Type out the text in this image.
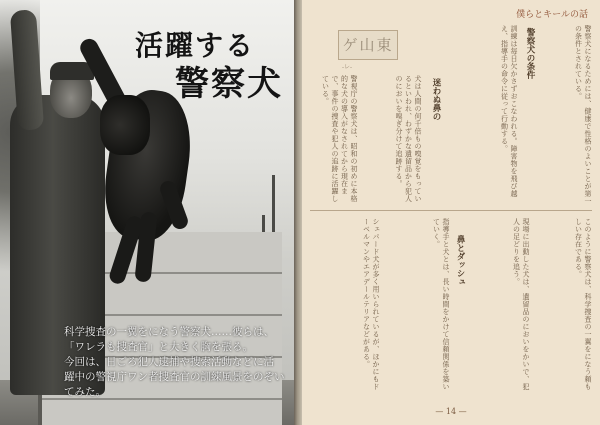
活躍する
警察犬

科学捜査の一翼をになう警察犬……彼らは、

「ワレラも捜査官」と大きく胸を張る。

今回は、日ごろ犯人逮捕や捜索活動などに活

躍中の警視庁ワン者捜査官の訓練風景をのぞい

てみた。

僕らとキールの話
ゲ山東
-レ-
警視庁の警察犬は、昭和の初めに本格的な犬の導入がなされてから現在まで、事件の捜査や犯人の追跡に活躍している。	犬は人間の何千倍もの嗅覚をもっているといわれ、わずかな遺留品から犯人のにおいを嗅ぎ分けて追跡する。	迷わぬ鼻の	訓練は毎日欠かさずおこなわれる。障害物を飛び越え、指導手の命令に従って行動する。	警察犬の条件	警察犬になるためには、健康で性格のよいことが第一の条件とされている。
シェパード犬が多く用いられているが、ほかにもドーベルマンやエアデールテリアなどがある。	指導手と犬とは、長い時間をかけて信頼関係を築いていく。
鼻とダッシュ	現場に出動した犬は、遺留品のにおいをかいで、犯人の足どりを追う。	このように警察犬は、科学捜査の一翼をになう頼もしい存在である。
— 14 —
